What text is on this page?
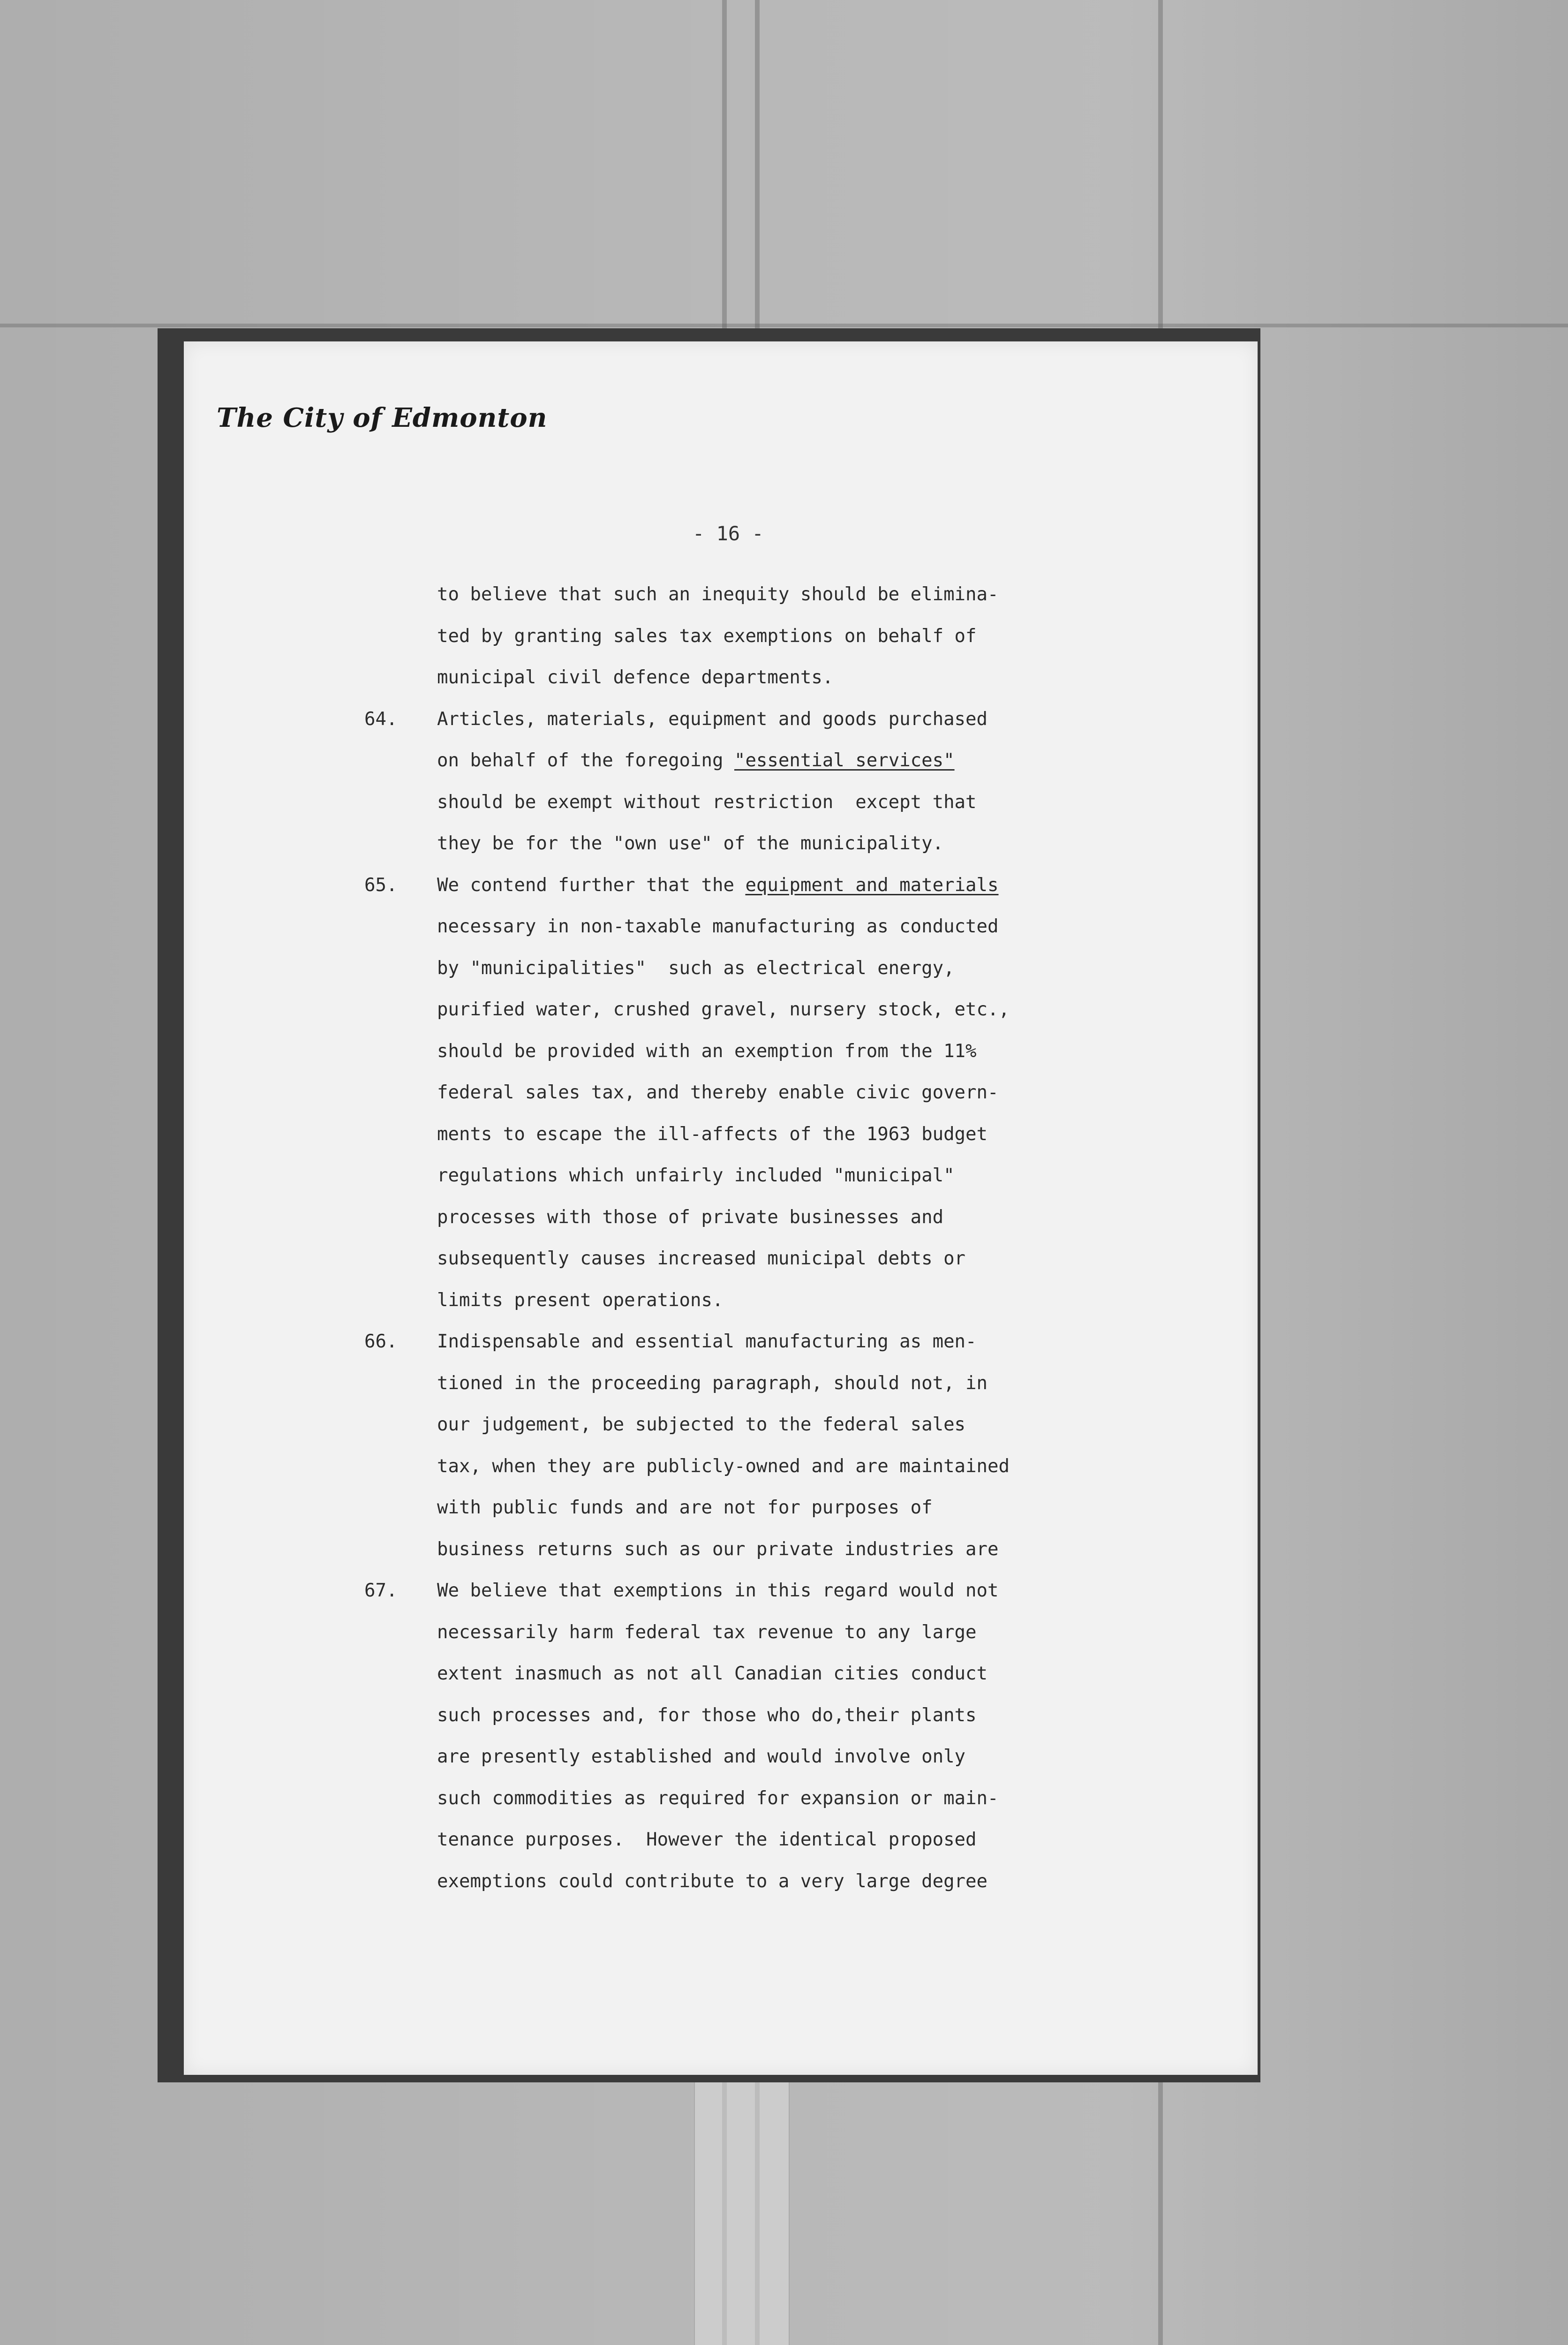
The City of Edmonton
- 16 -
to believe that such an inequity should be elimina-
ted by granting sales tax exemptions on behalf of
municipal civil defence departments.
64. Articles, materials, equipment and goods purchased
on behalf of the foregoing "essential services"
should be exempt without restriction  except that
they be for the "own use" of the municipality.
65. We contend further that the equipment and materials
necessary in non-taxable manufacturing as conducted
by "municipalities"  such as electrical energy,
purified water, crushed gravel, nursery stock, etc.,
should be provided with an exemption from the 11%
federal sales tax, and thereby enable civic govern-
ments to escape the ill-affects of the 1963 budget
regulations which unfairly included "municipal"
processes with those of private businesses and
subsequently causes increased municipal debts or
limits present operations.
66. Indispensable and essential manufacturing as men-
tioned in the proceeding paragraph, should not, in
our judgement, be subjected to the federal sales
tax, when they are publicly-owned and are maintained
with public funds and are not for purposes of
business returns such as our private industries are
67. We believe that exemptions in this regard would not
necessarily harm federal tax revenue to any large
extent inasmuch as not all Canadian cities conduct
such processes and, for those who do,their plants
are presently established and would involve only
such commodities as required for expansion or main-
tenance purposes.  However the identical proposed
exemptions could contribute to a very large degree
